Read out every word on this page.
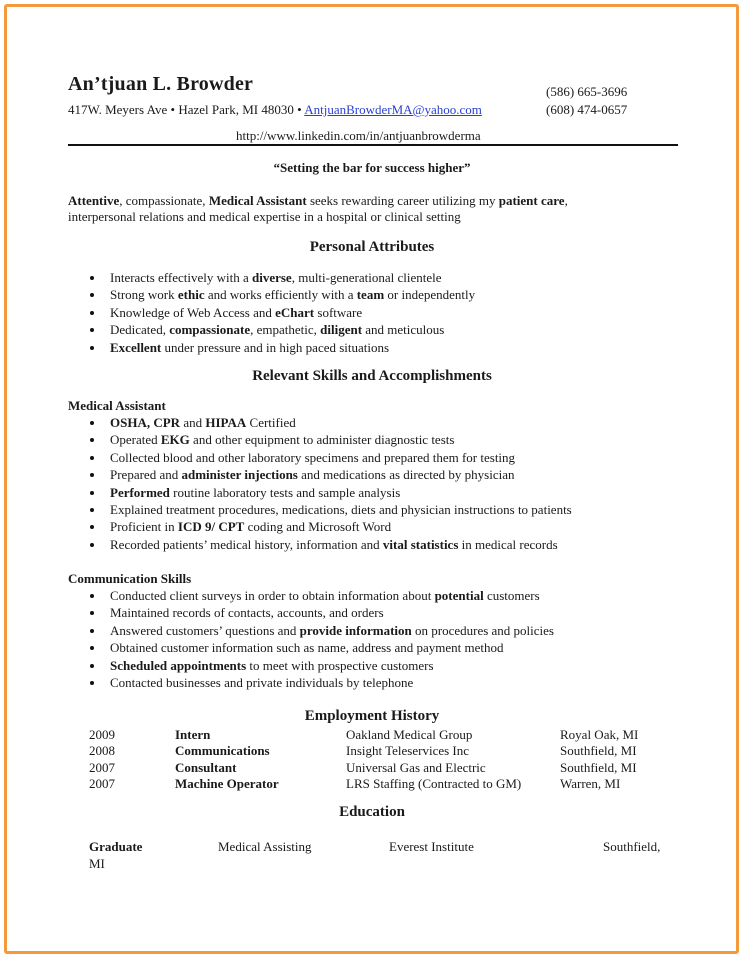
An’tjuan L. Browder	(586) 665-3696
417W. Meyers Ave • Hazel Park, MI 48030 • AntjuanBrowderMA@yahoo.com	(608) 474-0657
http://www.linkedin.com/in/antjuanbrowderma
“Setting the bar for success higher”
Attentive, compassionate, Medical Assistant seeks rewarding career utilizing my patient care, interpersonal relations and medical expertise in a hospital or clinical setting
Personal Attributes
Interacts effectively with a diverse, multi-generational clientele
Strong work ethic and works efficiently with a team or independently
Knowledge of Web Access and eChart software
Dedicated, compassionate, empathetic, diligent and meticulous
Excellent under pressure and in high paced situations
Relevant Skills and Accomplishments
Medical Assistant
OSHA, CPR and HIPAA Certified
Operated EKG and other equipment to administer diagnostic tests
Collected blood and other laboratory specimens and prepared them for testing
Prepared and administer injections and medications as directed by physician
Performed routine laboratory tests and sample analysis
Explained treatment procedures, medications, diets and physician instructions to patients
Proficient in ICD 9/ CPT coding and Microsoft Word
Recorded patients’ medical history, information and vital statistics in medical records
Communication Skills
Conducted client surveys in order to obtain information about potential customers
Maintained records of contacts, accounts, and orders
Answered customers’ questions and provide information on procedures and policies
Obtained customer information such as name, address and payment method
Scheduled appointments to meet with prospective customers
Contacted businesses and private individuals by telephone
Employment History
2009	Intern	Oakland Medical Group	Royal Oak, MI
2008	Communications	Insight Teleservices Inc	Southfield, MI
2007	Consultant	Universal Gas and Electric	Southfield, MI
2007	Machine Operator	LRS Staffing (Contracted to GM)	Warren, MI
Education
Graduate	Medical Assisting	Everest Institute	Southfield,
MI
